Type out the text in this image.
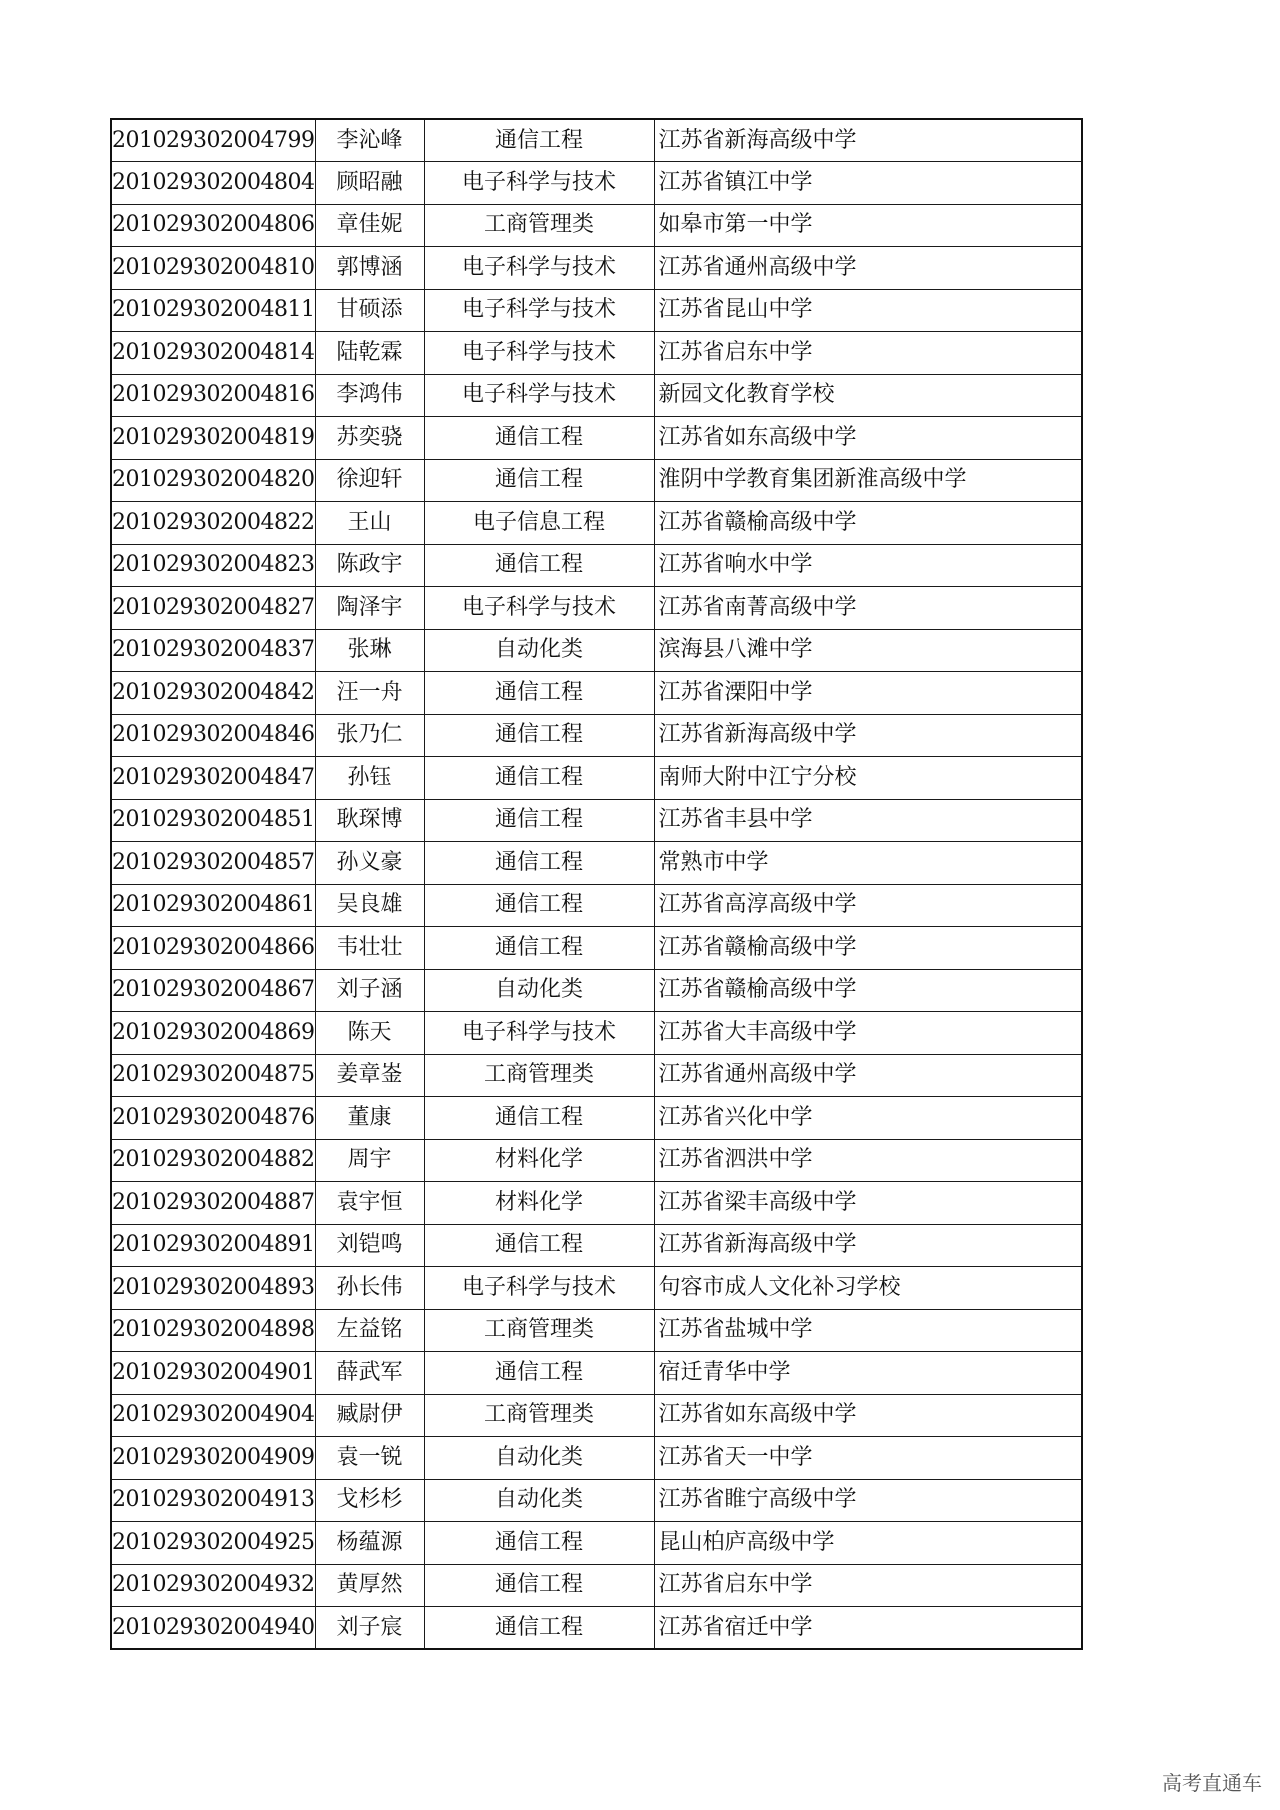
201029302004799	李沁峰	通信工程	江苏省新海高级中学
201029302004804	顾昭融	电子科学与技术	江苏省镇江中学
201029302004806	章佳妮	工商管理类	如皋市第一中学
201029302004810	郭博涵	电子科学与技术	江苏省通州高级中学
201029302004811	甘硕添	电子科学与技术	江苏省昆山中学
201029302004814	陆乾霖	电子科学与技术	江苏省启东中学
201029302004816	李鸿伟	电子科学与技术	新园文化教育学校
201029302004819	苏奕骁	通信工程	江苏省如东高级中学
201029302004820	徐迎轩	通信工程	淮阴中学教育集团新淮高级中学
201029302004822	王山	电子信息工程	江苏省赣榆高级中学
201029302004823	陈政宇	通信工程	江苏省响水中学
201029302004827	陶泽宇	电子科学与技术	江苏省南菁高级中学
201029302004837	张琳	自动化类	滨海县八滩中学
201029302004842	汪一舟	通信工程	江苏省溧阳中学
201029302004846	张乃仁	通信工程	江苏省新海高级中学
201029302004847	孙钰	通信工程	南师大附中江宁分校
201029302004851	耿琛博	通信工程	江苏省丰县中学
201029302004857	孙义豪	通信工程	常熟市中学
201029302004861	吴良雄	通信工程	江苏省高淳高级中学
201029302004866	韦壮壮	通信工程	江苏省赣榆高级中学
201029302004867	刘子涵	自动化类	江苏省赣榆高级中学
201029302004869	陈天	电子科学与技术	江苏省大丰高级中学
201029302004875	姜章崟	工商管理类	江苏省通州高级中学
201029302004876	董康	通信工程	江苏省兴化中学
201029302004882	周宇	材料化学	江苏省泗洪中学
201029302004887	袁宇恒	材料化学	江苏省梁丰高级中学
201029302004891	刘铠鸣	通信工程	江苏省新海高级中学
201029302004893	孙长伟	电子科学与技术	句容市成人文化补习学校
201029302004898	左益铭	工商管理类	江苏省盐城中学
201029302004901	薛武军	通信工程	宿迁青华中学
201029302004904	臧尉伊	工商管理类	江苏省如东高级中学
201029302004909	袁一锐	自动化类	江苏省天一中学
201029302004913	戈杉杉	自动化类	江苏省睢宁高级中学
201029302004925	杨蕴源	通信工程	昆山柏庐高级中学
201029302004932	黄厚然	通信工程	江苏省启东中学
201029302004940	刘子宸	通信工程	江苏省宿迁中学
高考直通车
